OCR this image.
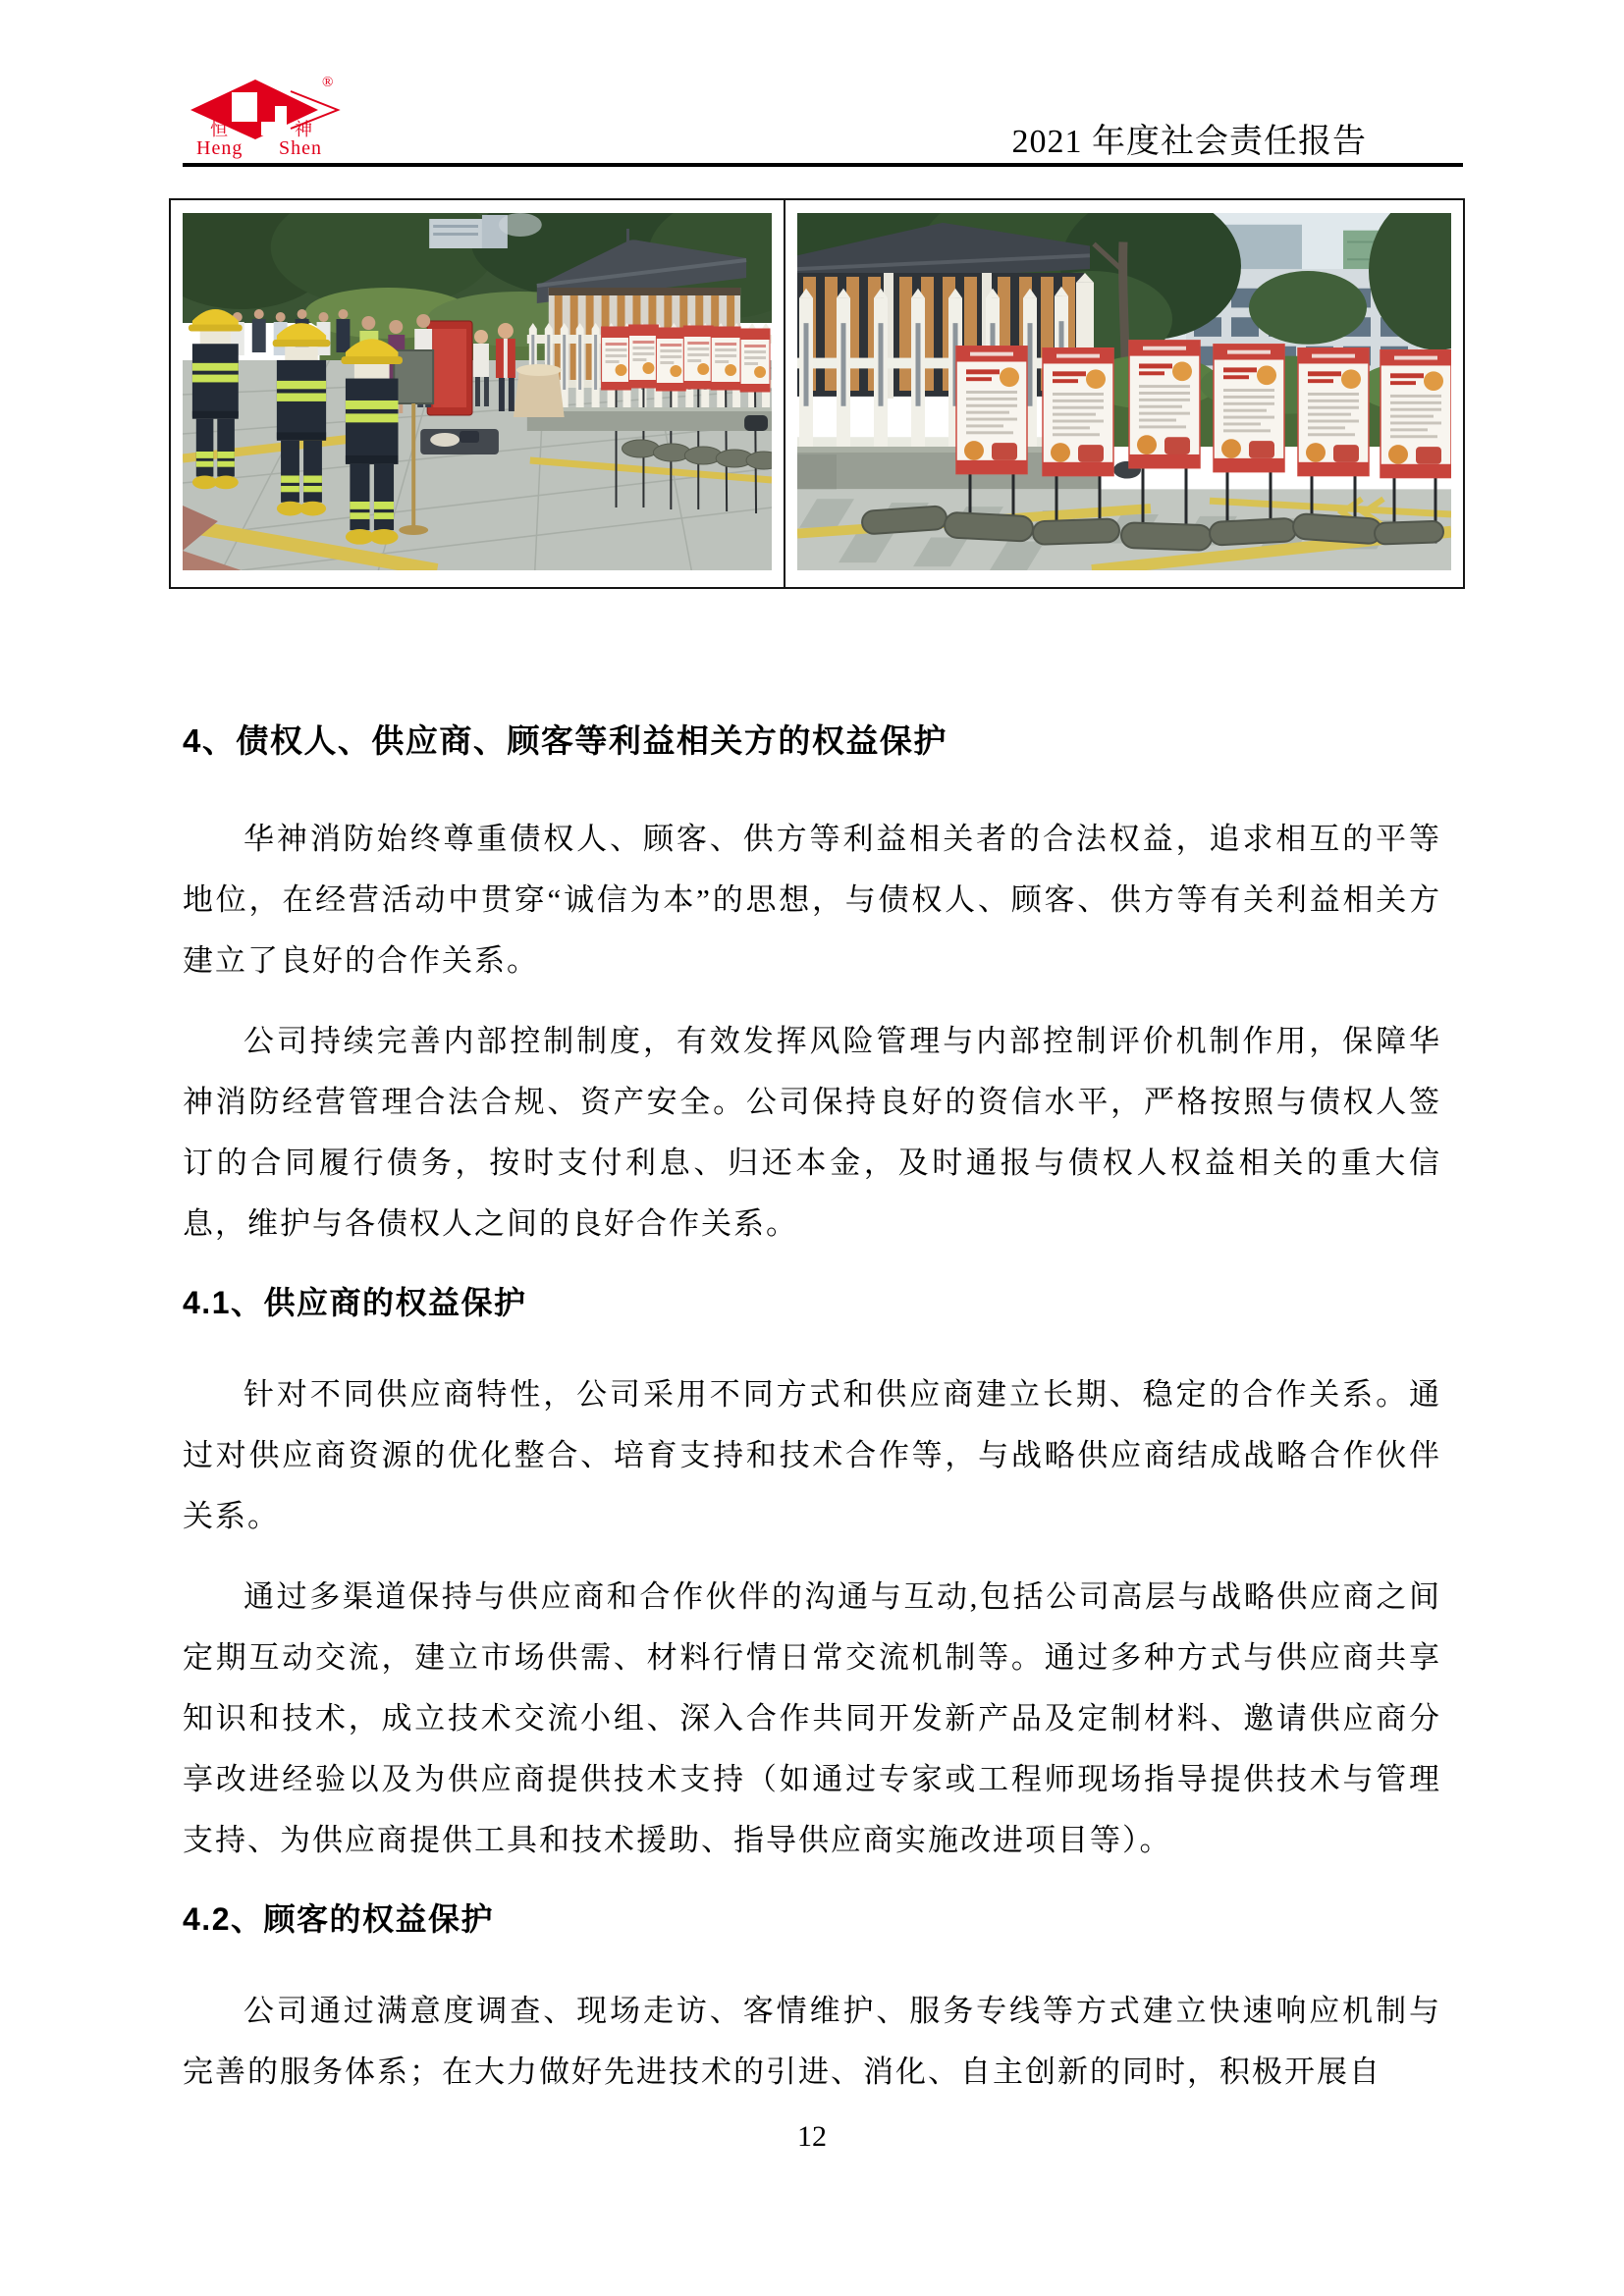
®
恒	神
Heng Shen	2021 年度社会责任报告
4、债权人、供应商、顾客等利益相关方的权益保护

华神消防始终尊重债权人、顾客、供方等利益相关者的合法权益，追求相互的平等地位，在经营活动中贯穿“诚信为本”的思想，与债权人、顾客、供方等有关利益相关方建立了良好的合作关系。

公司持续完善内部控制制度，有效发挥风险管理与内部控制评价机制作用，保障华神消防经营管理合法合规、资产安全。公司保持良好的资信水平，严格按照与债权人签订的合同履行债务，按时支付利息、归还本金，及时通报与债权人权益相关的重大信息，维护与各债权人之间的良好合作关系。

4.1、供应商的权益保护

针对不同供应商特性，公司采用不同方式和供应商建立长期、稳定的合作关系。通过对供应商资源的优化整合、培育支持和技术合作等，与战略供应商结成战略合作伙伴关系。

通过多渠道保持与供应商和合作伙伴的沟通与互动,包括公司高层与战略供应商之间定期互动交流，建立市场供需、材料行情日常交流机制等。通过多种方式与供应商共享知识和技术，成立技术交流小组、深入合作共同开发新产品及定制材料、邀请供应商分享改进经验以及为供应商提供技术支持（如通过专家或工程师现场指导提供技术与管理支持、为供应商提供工具和技术援助、指导供应商实施改进项目等）。

4.2、顾客的权益保护

公司通过满意度调查、现场走访、客情维护、服务专线等方式建立快速响应机制与完善的服务体系；在大力做好先进技术的引进、消化、自主创新的同时，积极开展自

12
